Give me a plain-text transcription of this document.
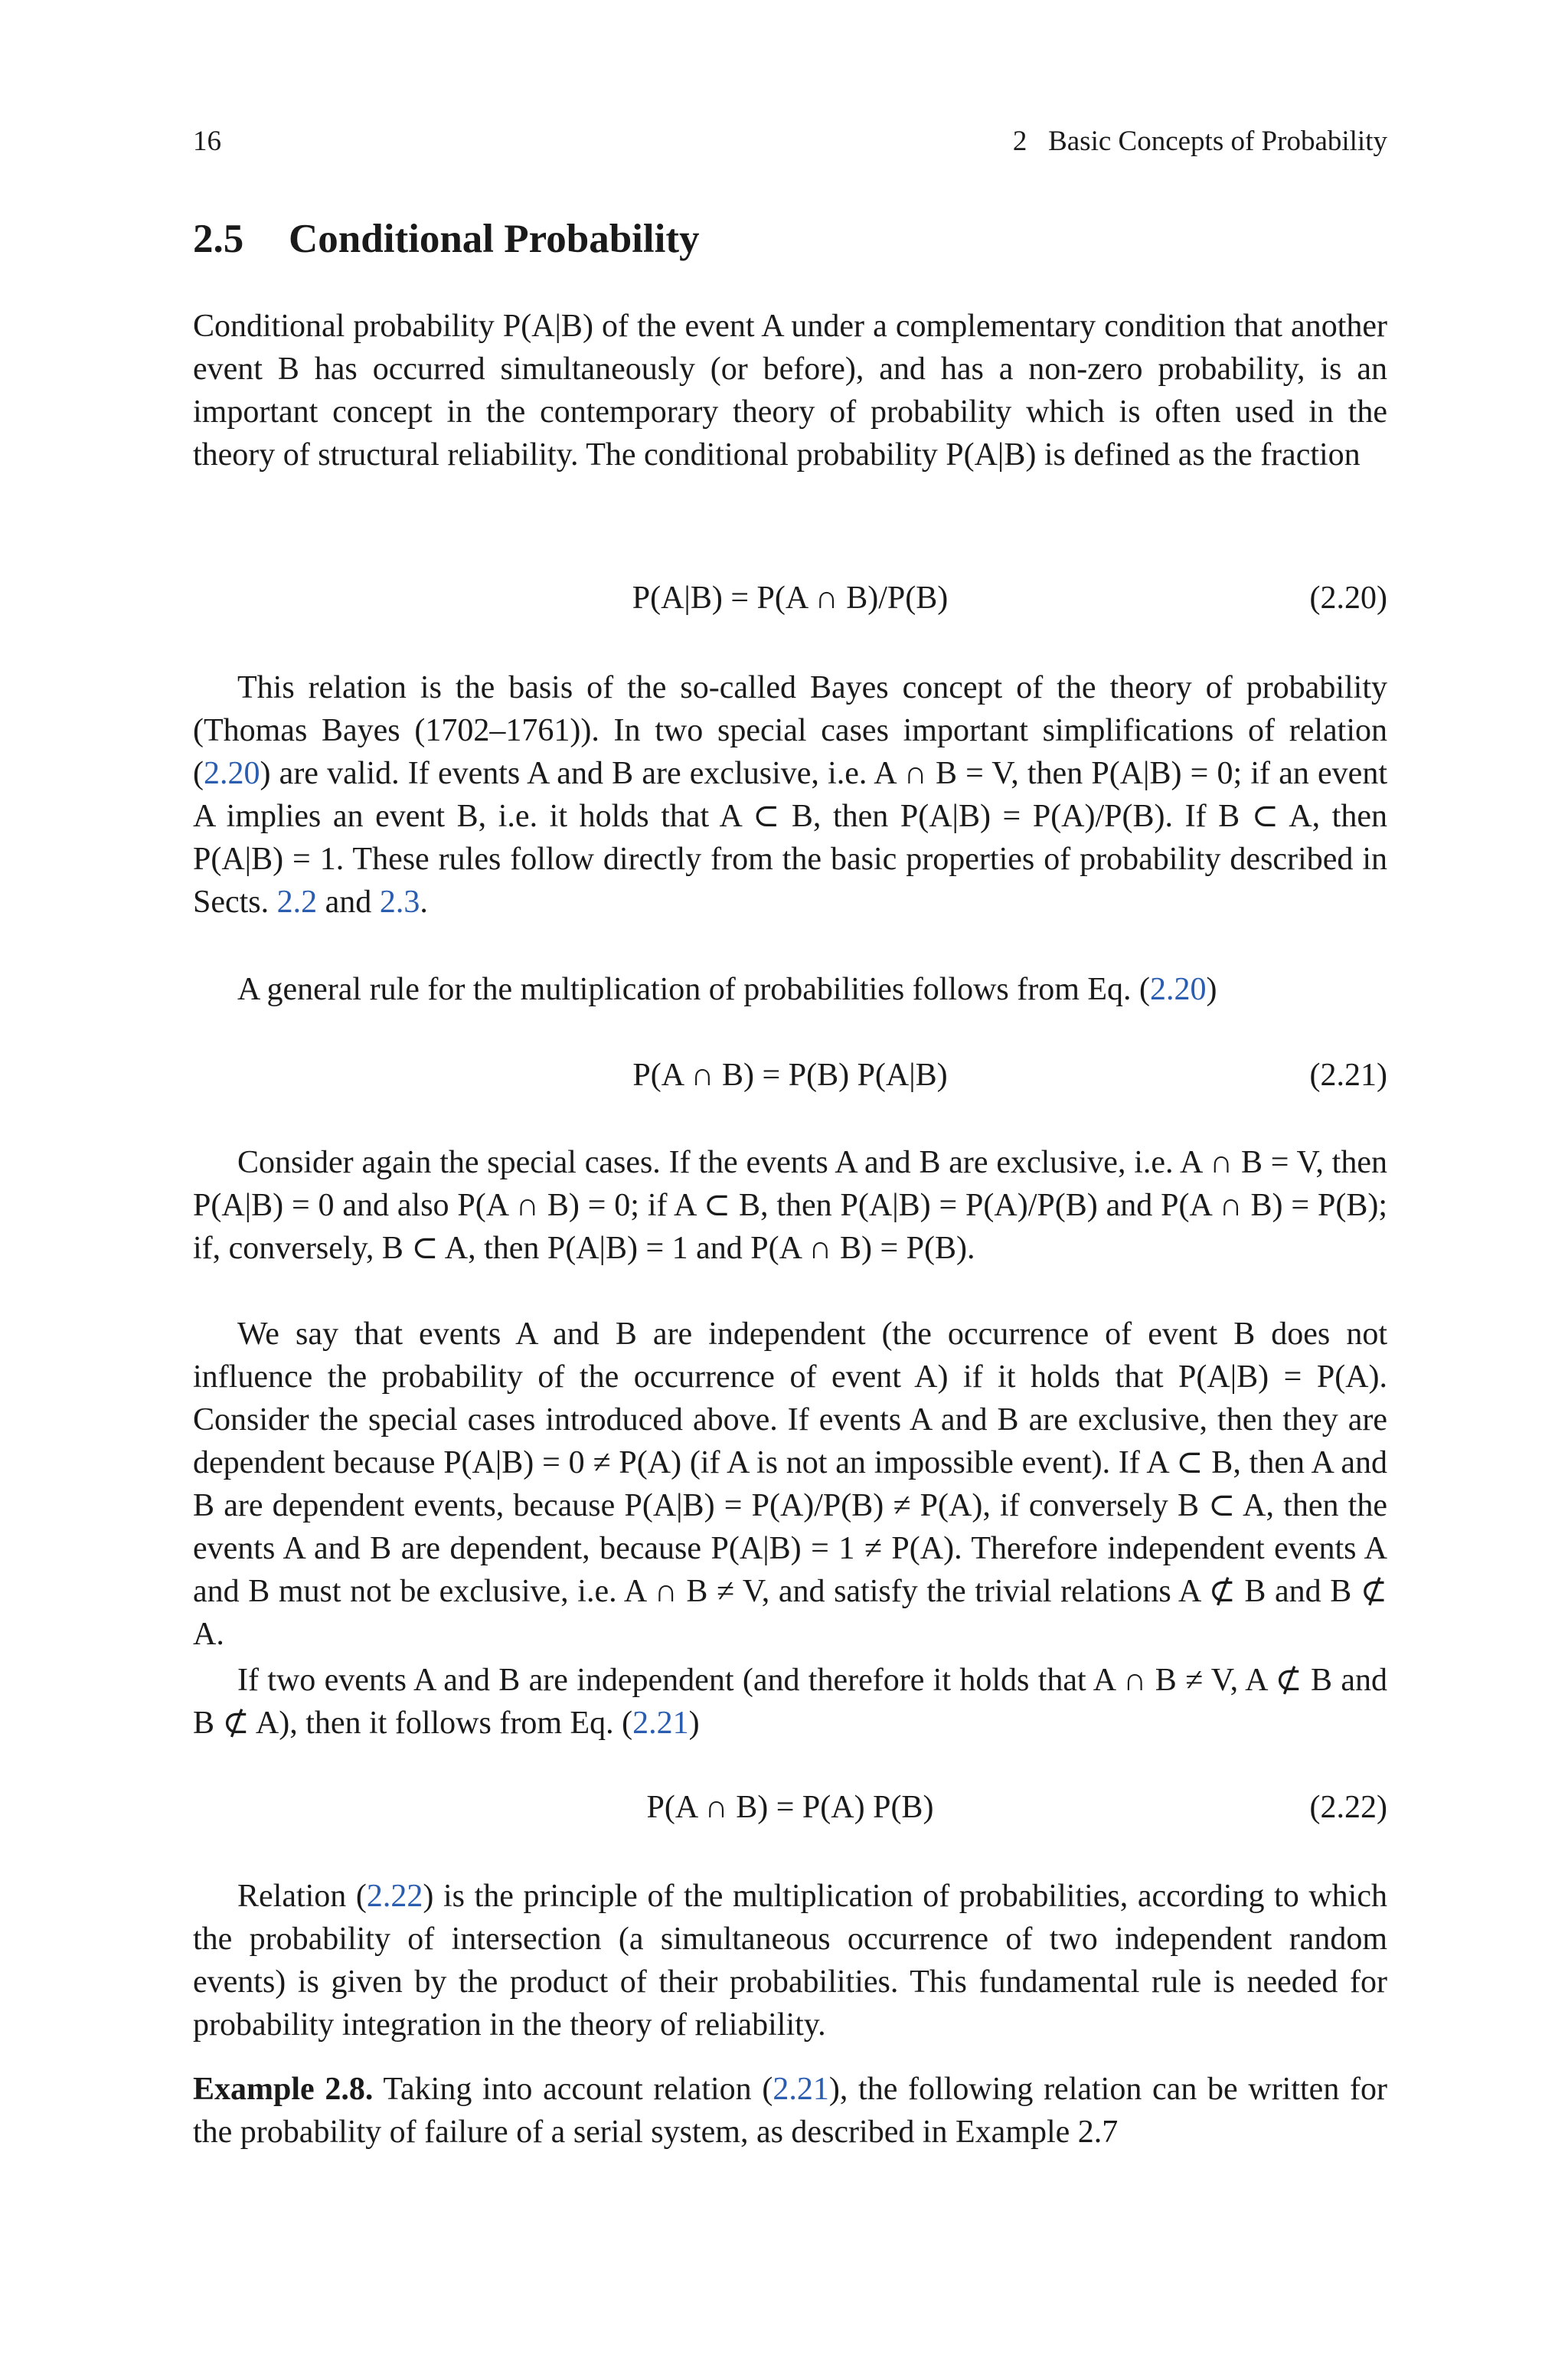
16	2   Basic Concepts of Probability
2.5 Conditional Probability

Conditional probability P(A|B) of the event A under a complementary condition that another event B has occurred simultaneously (or before), and has a non-zero probability, is an important concept in the contemporary theory of probability which is often used in the theory of structural reliability. The conditional probability P(A|B) is defined as the fraction

P(A|B) = P(A ∩ B)/P(B)	(2.20)

This relation is the basis of the so-called Bayes concept of the theory of probability (Thomas Bayes (1702–1761)). In two special cases important simplifications of relation (2.20) are valid. If events A and B are exclusive, i.e. A ∩ B = V, then P(A|B) = 0; if an event A implies an event B, i.e. it holds that A ⊂ B, then P(A|B) = P(A)/P(B). If B ⊂ A, then P(A|B) = 1. These rules follow directly from the basic properties of probability described in Sects. 2.2 and 2.3.

A general rule for the multiplication of probabilities follows from Eq. (2.20)

P(A ∩ B) = P(B) P(A|B)	(2.21)

Consider again the special cases. If the events A and B are exclusive, i.e. A ∩ B = V, then P(A|B) = 0 and also P(A ∩ B) = 0; if A ⊂ B, then P(A|B) = P(A)/P(B) and P(A ∩ B) = P(B); if, conversely, B ⊂ A, then P(A|B) = 1 and P(A ∩ B) = P(B).

We say that events A and B are independent (the occurrence of event B does not influence the probability of the occurrence of event A) if it holds that P(A|B) = P(A). Consider the special cases introduced above. If events A and B are exclusive, then they are dependent because P(A|B) = 0 ≠ P(A) (if A is not an impossible event). If A ⊂ B, then A and B are dependent events, because P(A|B) = P(A)/P(B) ≠ P(A), if conversely B ⊂ A, then the events A and B are dependent, because P(A|B) = 1 ≠ P(A). Therefore independent events A and B must not be exclusive, i.e. A ∩ B ≠ V, and satisfy the trivial relations A ⊄ B and B ⊄ A.

If two events A and B are independent (and therefore it holds that A ∩ B ≠ V, A ⊄ B and B ⊄ A), then it follows from Eq. (2.21)

P(A ∩ B) = P(A) P(B)	(2.22)

Relation (2.22) is the principle of the multiplication of probabilities, according to which the probability of intersection (a simultaneous occurrence of two independent random events) is given by the product of their probabilities. This fundamental rule is needed for probability integration in the theory of reliability.

Example 2.8. Taking into account relation (2.21), the following relation can be written for the probability of failure of a serial system, as described in Example 2.7
